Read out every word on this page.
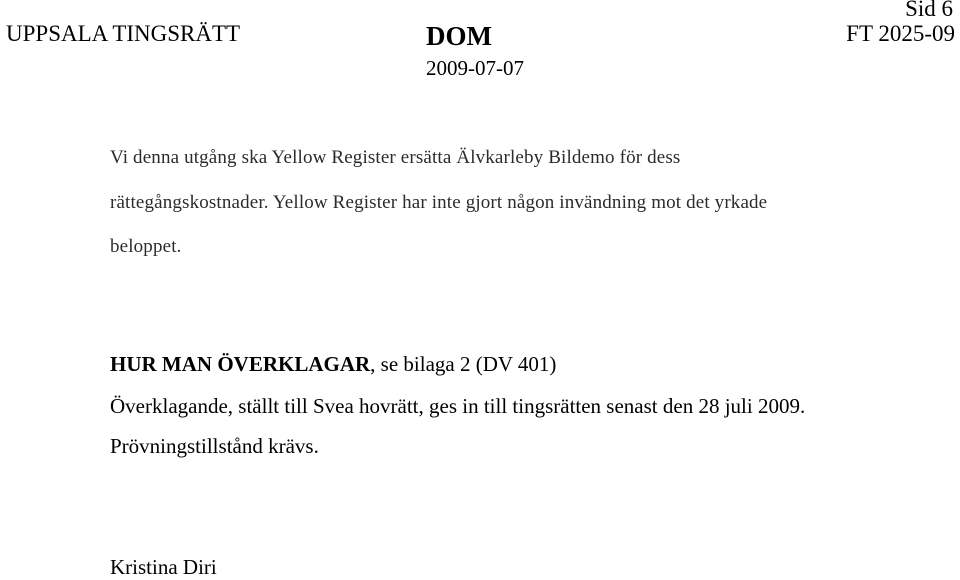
UPPSALA TINGSRÄTT	DOM
2009-07-07
Sid 6
FT 2025-09
Vi denna utgång ska Yellow Register ersätta Älvkarleby Bildemo för dess
rättegångskostnader. Yellow Register har inte gjort någon invändning mot det yrkade
beloppet.
HUR MAN ÖVERKLAGAR, se bilaga 2 (DV 401)
Överklagande, ställt till Svea hovrätt, ges in till tingsrätten senast den 28 juli 2009.
Prövningstillstånd krävs.
Kristina Diri
